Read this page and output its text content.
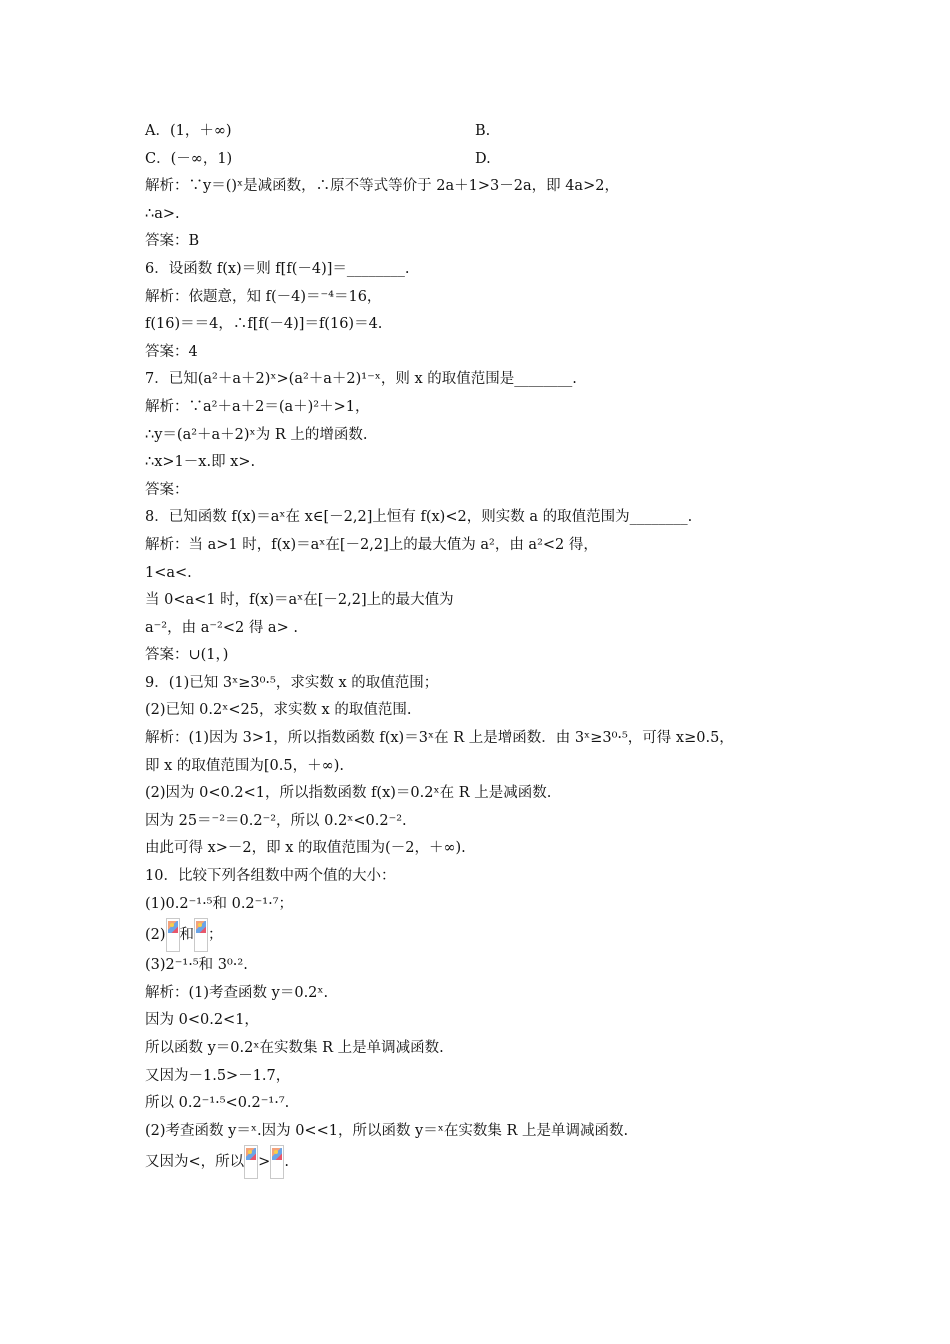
A．(1，＋∞)	B.
C．(－∞，1)	D.
解析：∵y＝()ˣ是减函数，∴原不等式等价于 2a＋1>3－2a，即 4a>2，
∴a>.
答案：B
6．设函数 f(x)＝则 f[f(－4)]＝________.
解析：依题意，知 f(－4)＝⁻⁴＝16，
f(16)＝＝4，∴f[f(－4)]＝f(16)＝4.
答案：4
7．已知(a²＋a＋2)ˣ>(a²＋a＋2)¹⁻ˣ，则 x 的取值范围是________.
解析：∵a²＋a＋2＝(a＋)²＋>1，
∴y＝(a²＋a＋2)ˣ为 R 上的增函数.
∴x>1－x.即 x>.
答案：
8．已知函数 f(x)＝aˣ在 x∈[－2,2]上恒有 f(x)<2，则实数 a 的取值范围为________.
解析：当 a>1 时，f(x)＝aˣ在[－2,2]上的最大值为 a²，由 a²<2 得，
1<a<.
当 0<a<1 时，f(x)＝aˣ在[－2,2]上的最大值为
a⁻²，由 a⁻²<2 得 a> .
答案：∪(1，)
9．(1)已知 3ˣ≥3⁰·⁵，求实数 x 的取值范围；
(2)已知 0.2ˣ<25，求实数 x 的取值范围.
解析：(1)因为 3>1，所以指数函数 f(x)＝3ˣ在 R 上是增函数．由 3ˣ≥3⁰·⁵，可得 x≥0.5，
即 x 的取值范围为[0.5，＋∞).
(2)因为 0<0.2<1，所以指数函数 f(x)＝0.2ˣ在 R 上是减函数.
因为 25＝⁻²＝0.2⁻²，所以 0.2ˣ<0.2⁻².
由此可得 x>－2，即 x 的取值范围为(－2，＋∞).
10．比较下列各组数中两个值的大小：
(1)0.2⁻¹·⁵和 0.2⁻¹·⁷；
(2) 和 ；
(3)2⁻¹·⁵和 3⁰·².
解析：(1)考查函数 y＝0.2ˣ.
因为 0<0.2<1，
所以函数 y＝0.2ˣ在实数集 R 上是单调减函数.
又因为－1.5>－1.7，
所以 0.2⁻¹·⁵<0.2⁻¹·⁷.
(2)考查函数 y＝ˣ.因为 0<<1，所以函数 y＝ˣ在实数集 R 上是单调减函数.
又因为<，所以 > .
